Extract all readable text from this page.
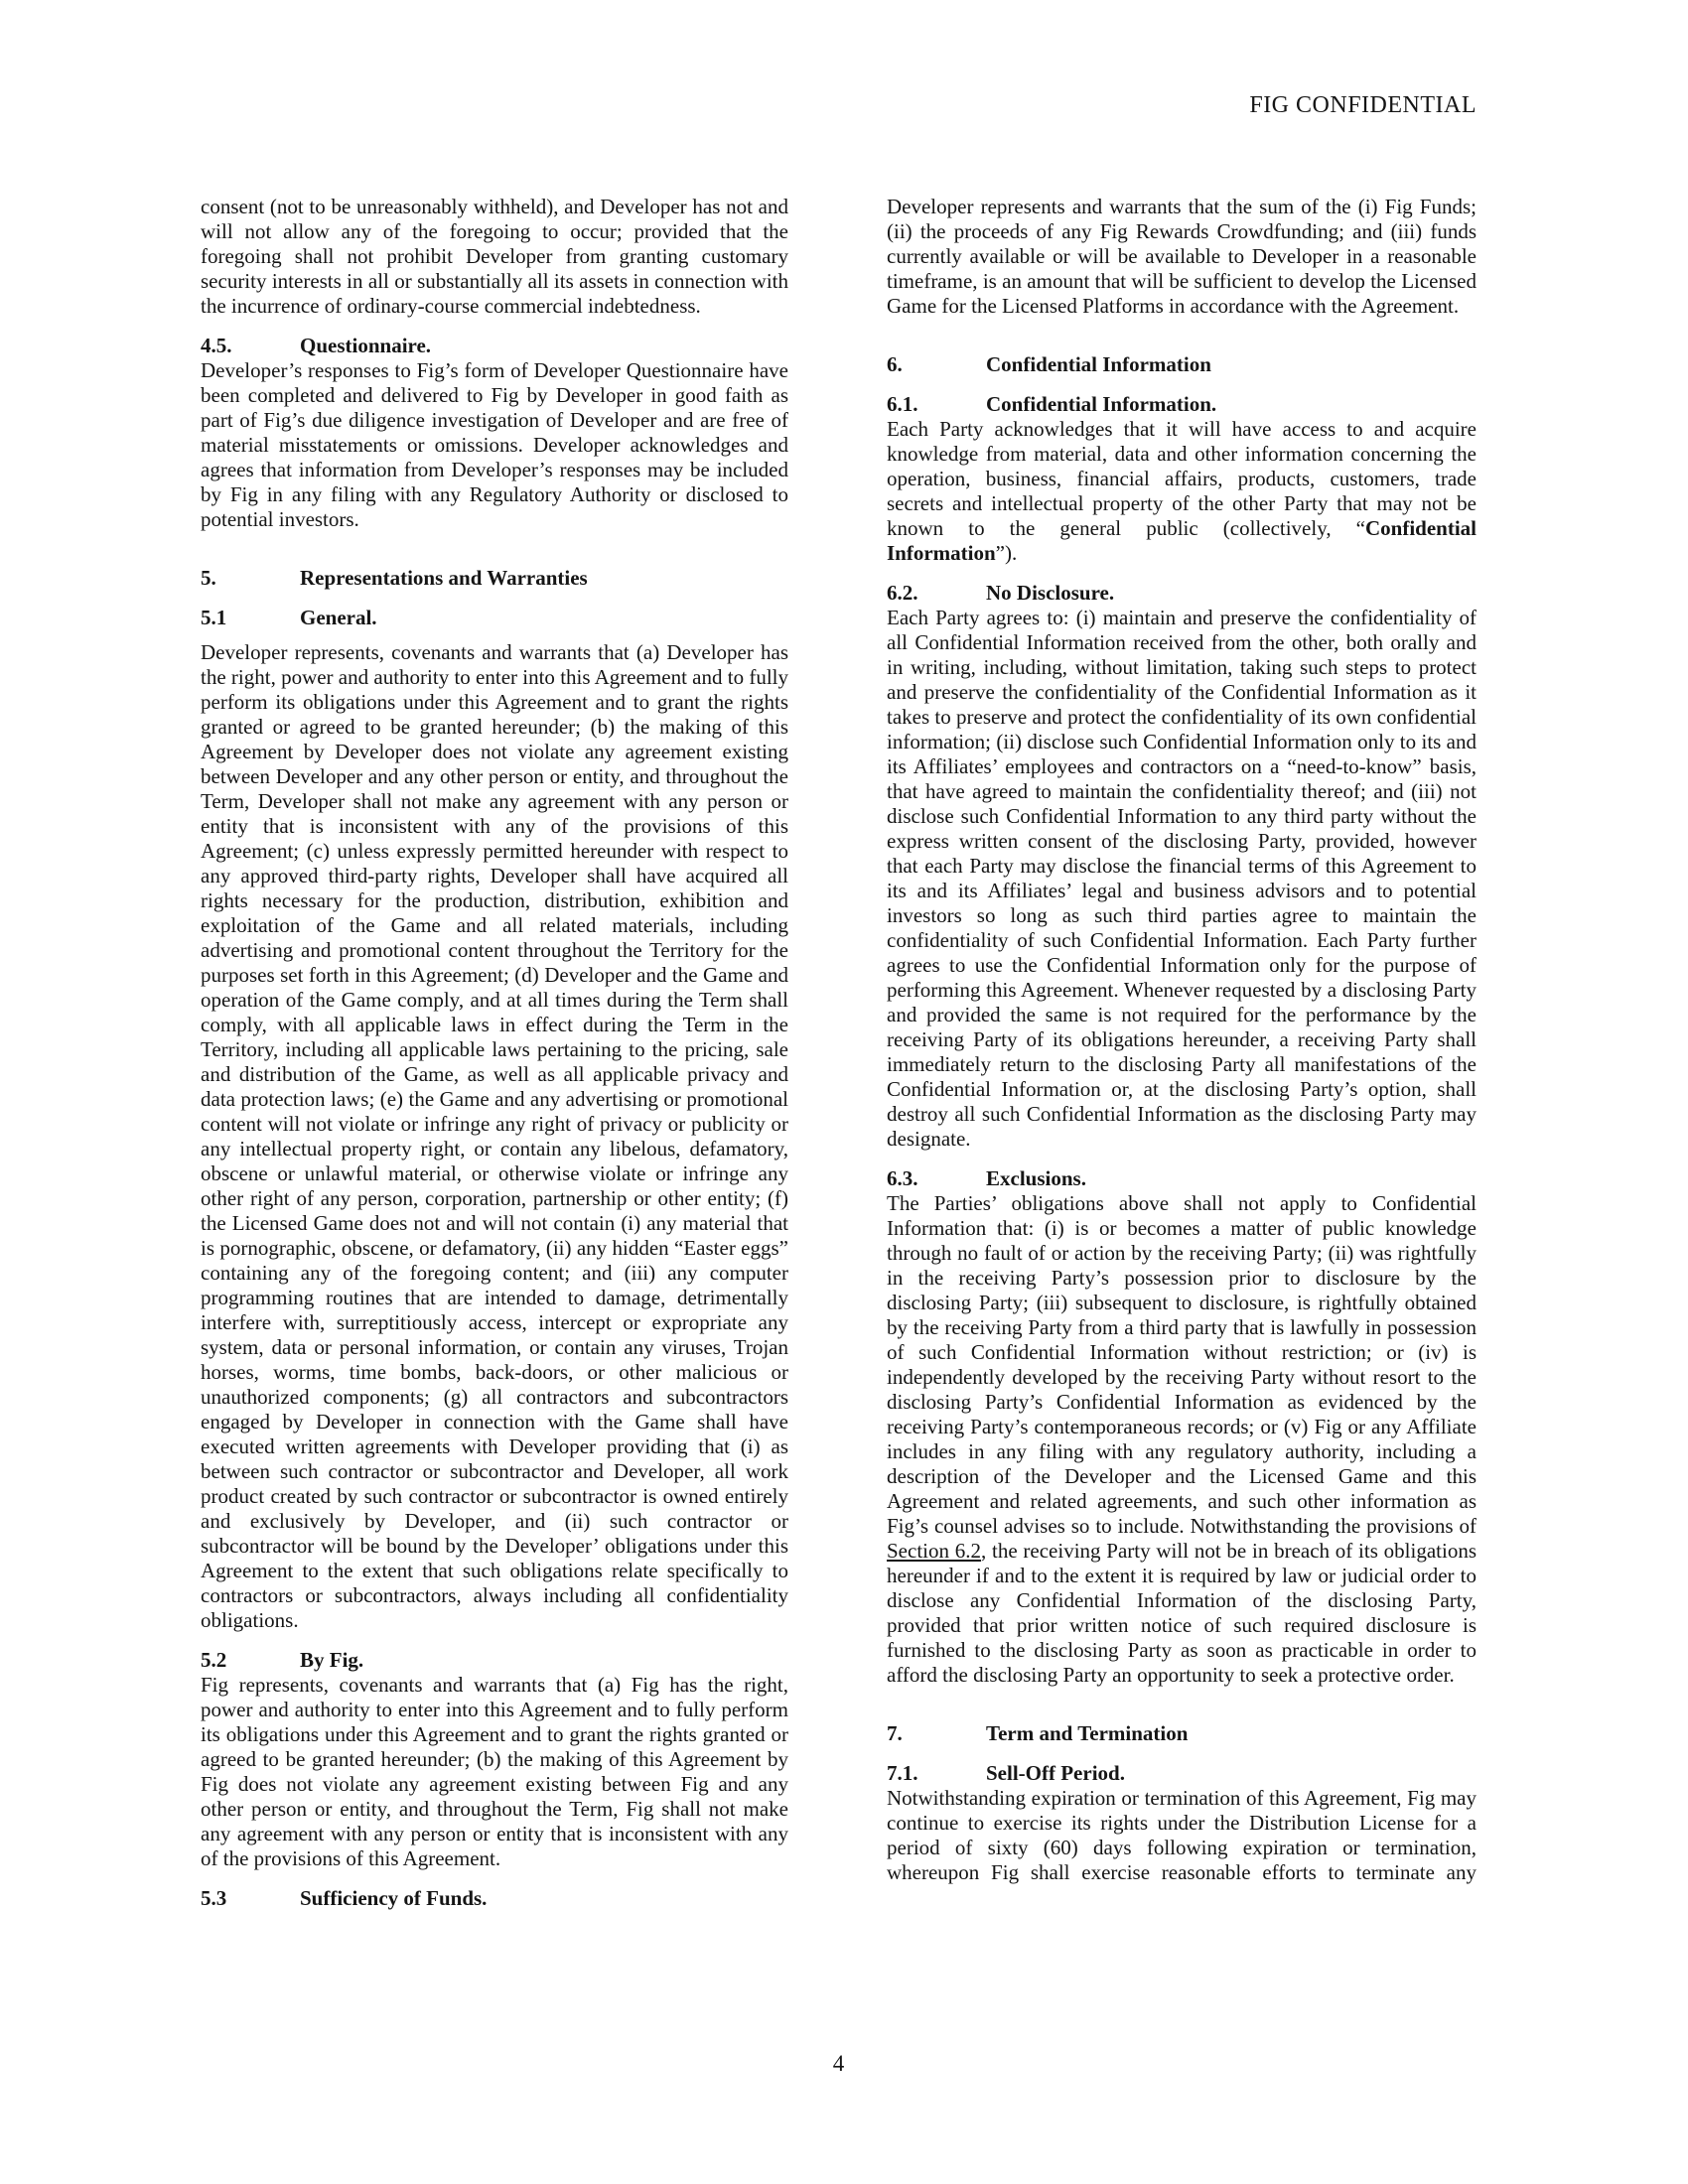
FIG CONFIDENTIAL

consent (not to be unreasonably withheld), and Developer has not and will not allow any of the foregoing to occur; provided that the foregoing shall not prohibit Developer from granting customary security interests in all or substantially all its assets in connection with the incurrence of ordinary-course commercial indebtedness.

4.5.	Questionnaire.

Developer’s responses to Fig’s form of Developer Questionnaire have been completed and delivered to Fig by Developer in good faith as part of Fig’s due diligence investigation of Developer and are free of material misstatements or omissions. Developer acknowledges and agrees that information from Developer’s responses may be included by Fig in any filing with any Regulatory Authority or disclosed to potential investors.

5.	Representations and Warranties
5.1	General.

Developer represents, covenants and warrants that (a) Developer has the right, power and authority to enter into this Agreement and to fully perform its obligations under this Agreement and to grant the rights granted or agreed to be granted hereunder; (b) the making of this Agreement by Developer does not violate any agreement existing between Developer and any other person or entity, and throughout the Term, Developer shall not make any agreement with any person or entity that is inconsistent with any of the provisions of this Agreement; (c) unless expressly permitted hereunder with respect to any approved third-party rights, Developer shall have acquired all rights necessary for the production, distribution, exhibition and exploitation of the Game and all related materials, including advertising and promotional content throughout the Territory for the purposes set forth in this Agreement; (d) Developer and the Game and operation of the Game comply, and at all times during the Term shall comply, with all applicable laws in effect during the Term in the Territory, including all applicable laws pertaining to the pricing, sale and distribution of the Game, as well as all applicable privacy and data protection laws; (e) the Game and any advertising or promotional content will not violate or infringe any right of privacy or publicity or any intellectual property right, or contain any libelous, defamatory, obscene or unlawful material, or otherwise violate or infringe any other right of any person, corporation, partnership or other entity; (f) the Licensed Game does not and will not contain (i) any material that is pornographic, obscene, or defamatory, (ii) any hidden “Easter eggs” containing any of the foregoing content; and (iii) any computer programming routines that are intended to damage, detrimentally interfere with, surreptitiously access, intercept or expropriate any system, data or personal information, or contain any viruses, Trojan horses, worms, time bombs, back-doors, or other malicious or unauthorized components; (g) all contractors and subcontractors engaged by Developer in connection with the Game shall have executed written agreements with Developer providing that (i) as between such contractor or subcontractor and Developer, all work product created by such contractor or subcontractor is owned entirely and exclusively by Developer, and (ii) such contractor or subcontractor will be bound by the Developer’ obligations under this Agreement to the extent that such obligations relate specifically to contractors or subcontractors, always including all confidentiality obligations.

5.2	By Fig.

Fig represents, covenants and warrants that (a) Fig has the right, power and authority to enter into this Agreement and to fully perform its obligations under this Agreement and to grant the rights granted or agreed to be granted hereunder; (b) the making of this Agreement by Fig does not violate any agreement existing between Fig and any other person or entity, and throughout the Term, Fig shall not make any agreement with any person or entity that is inconsistent with any of the provisions of this Agreement.

5.3	Sufficiency of Funds.

Developer represents and warrants that the sum of the (i) Fig Funds; (ii) the proceeds of any Fig Rewards Crowdfunding; and (iii) funds currently available or will be available to Developer in a reasonable timeframe, is an amount that will be sufficient to develop the Licensed Game for the Licensed Platforms in accordance with the Agreement.

6.	Confidential Information
6.1.	Confidential Information.

Each Party acknowledges that it will have access to and acquire knowledge from material, data and other information concerning the operation, business, financial affairs, products, customers, trade secrets and intellectual property of the other Party that may not be known to the general public (collectively, “Confidential Information”).

6.2.	No Disclosure.

Each Party agrees to: (i) maintain and preserve the confidentiality of all Confidential Information received from the other, both orally and in writing, including, without limitation, taking such steps to protect and preserve the confidentiality of the Confidential Information as it takes to preserve and protect the confidentiality of its own confidential information; (ii) disclose such Confidential Information only to its and its Affiliates’ employees and contractors on a “need-to-know” basis, that have agreed to maintain the confidentiality thereof; and (iii) not disclose such Confidential Information to any third party without the express written consent of the disclosing Party, provided, however that each Party may disclose the financial terms of this Agreement to its and its Affiliates’ legal and business advisors and to potential investors so long as such third parties agree to maintain the confidentiality of such Confidential Information. Each Party further agrees to use the Confidential Information only for the purpose of performing this Agreement. Whenever requested by a disclosing Party and provided the same is not required for the performance by the receiving Party of its obligations hereunder, a receiving Party shall immediately return to the disclosing Party all manifestations of the Confidential Information or, at the disclosing Party’s option, shall destroy all such Confidential Information as the disclosing Party may designate.

6.3.	Exclusions.

The Parties’ obligations above shall not apply to Confidential Information that: (i) is or becomes a matter of public knowledge through no fault of or action by the receiving Party; (ii) was rightfully in the receiving Party’s possession prior to disclosure by the disclosing Party; (iii) subsequent to disclosure, is rightfully obtained by the receiving Party from a third party that is lawfully in possession of such Confidential Information without restriction; or (iv) is independently developed by the receiving Party without resort to the disclosing Party’s Confidential Information as evidenced by the receiving Party’s contemporaneous records; or (v) Fig or any Affiliate includes in any filing with any regulatory authority, including a description of the Developer and the Licensed Game and this Agreement and related agreements, and such other information as Fig’s counsel advises so to include. Notwithstanding the provisions of Section 6.2, the receiving Party will not be in breach of its obligations hereunder if and to the extent it is required by law or judicial order to disclose any Confidential Information of the disclosing Party, provided that prior written notice of such required disclosure is furnished to the disclosing Party as soon as practicable in order to afford the disclosing Party an opportunity to seek a protective order.

7.	Term and Termination
7.1.	Sell-Off Period.

Notwithstanding expiration or termination of this Agreement, Fig may continue to exercise its rights under the Distribution License for a period of sixty (60) days following expiration or termination, whereupon Fig shall exercise reasonable efforts to terminate any

4
